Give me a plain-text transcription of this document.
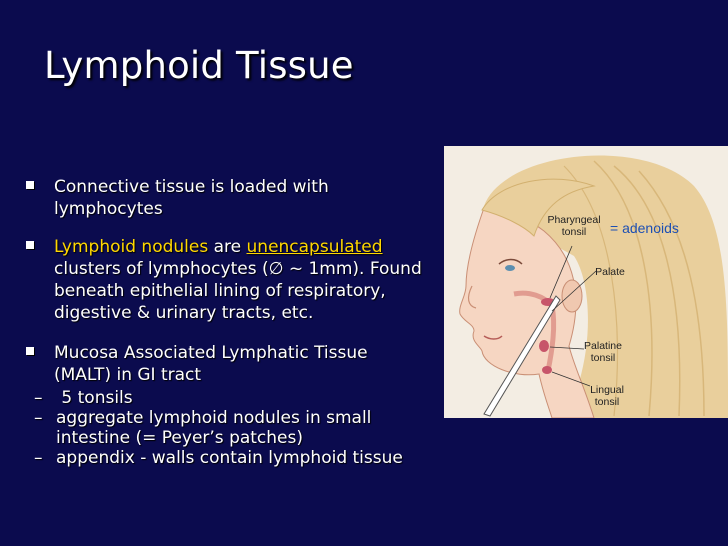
Lymphoid Tissue
Connective tissue is loaded with lymphocytes
Lymphoid nodules are unencapsulated clusters of lymphocytes (∅ ~ 1mm). Found beneath epithelial lining of respiratory, digestive & urinary tracts, etc.
Mucosa Associated Lymphatic Tissue (MALT) in GI tract
– 5 tonsils
– aggregate lymphoid nodules in small intestine (= Peyer’s patches)
– appendix - walls contain lymphoid tissue
Pharyngeal tonsil	= adenoids
Palate
Palatine tonsil
Lingual tonsil
